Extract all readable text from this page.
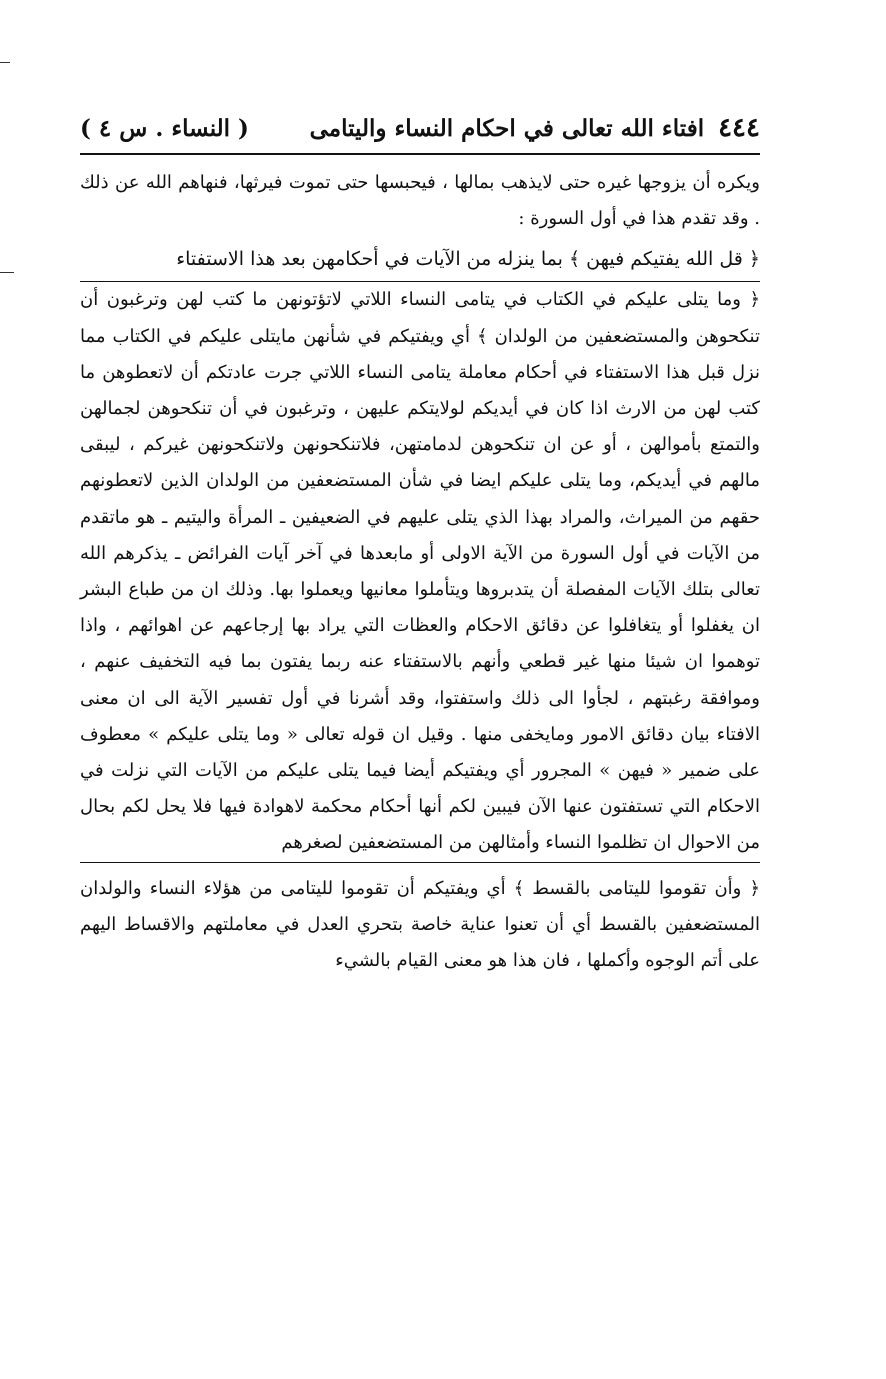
٤٤٤
افتاء الله تعالى في احكام النساء واليتامى
( النساء . س ٤ )

ويكره أن يزوجها غيره حتى لايذهب بمالها ، فيحبسها حتى تموت فيرثها، فنهاهم الله عن ذلك . وقد تقدم هذا في أول السورة :

﴿ قل الله يفتيكم فيهن ﴾ بما ينزله من الآيات في أحكامهن بعد هذا الاستفتاء

﴿ وما يتلى عليكم في الكتاب في يتامى النساء اللاتي لاتؤتونهن ما كتب لهن وترغبون أن تنكحوهن والمستضعفين من الولدان ﴾ أي ويفتيكم في شأنهن مايتلى عليكم في الكتاب مما نزل قبل هذا الاستفتاء في أحكام معاملة يتامى النساء اللاتي جرت عادتكم أن لاتعطوهن ما كتب لهن من الارث اذا كان في أيديكم لولايتكم عليهن ، وترغبون في أن تنكحوهن لجمالهن والتمتع بأموالهن ، أو عن ان تنكحوهن لدمامتهن، فلاتنكحونهن ولاتنكحونهن غيركم ، ليبقى مالهم في أيديكم، وما يتلى عليكم ايضا في شأن المستضعفين من الولدان الذين لاتعطونهم حقهم من الميراث، والمراد بهذا الذي يتلى عليهم في الضعيفين ـ المرأة واليتيم ـ هو ماتقدم من الآيات في أول السورة من الآية الاولى أو مابعدها في آخر آيات الفرائض ـ يذكرهم الله تعالى بتلك الآيات المفصلة أن يتدبروها ويتأملوا معانيها ويعملوا بها. وذلك ان من طباع البشر ان يغفلوا أو يتغافلوا عن دقائق الاحكام والعظات التي يراد بها إرجاعهم عن اهوائهم ، واذا توهموا ان شيئا منها غير قطعي وأنهم بالاستفتاء عنه ربما يفتون بما فيه التخفيف عنهم ، وموافقة رغبتهم ، لجأوا الى ذلك واستفتوا، وقد أشرنا في أول تفسير الآية الى ان معنى الافتاء بيان دقائق الامور ومايخفى منها . وقيل ان قوله تعالى « وما يتلى عليكم » معطوف على ضمير « فيهن » المجرور أي ويفتيكم أيضا فيما يتلى عليكم من الآيات التي نزلت في الاحكام التي تستفتون عنها الآن فيبين لكم أنها أحكام محكمة لاهوادة فيها فلا يحل لكم بحال من الاحوال ان تظلموا النساء وأمثالهن من المستضعفين لصغرهم

﴿ وأن تقوموا لليتامى بالقسط ﴾ أي ويفتيكم أن تقوموا لليتامى من هؤلاء النساء والولدان المستضعفين بالقسط أي أن تعنوا عناية خاصة بتحري العدل في معاملتهم والاقساط اليهم على أتم الوجوه وأكملها ، فان هذا هو معنى القيام بالشيء
